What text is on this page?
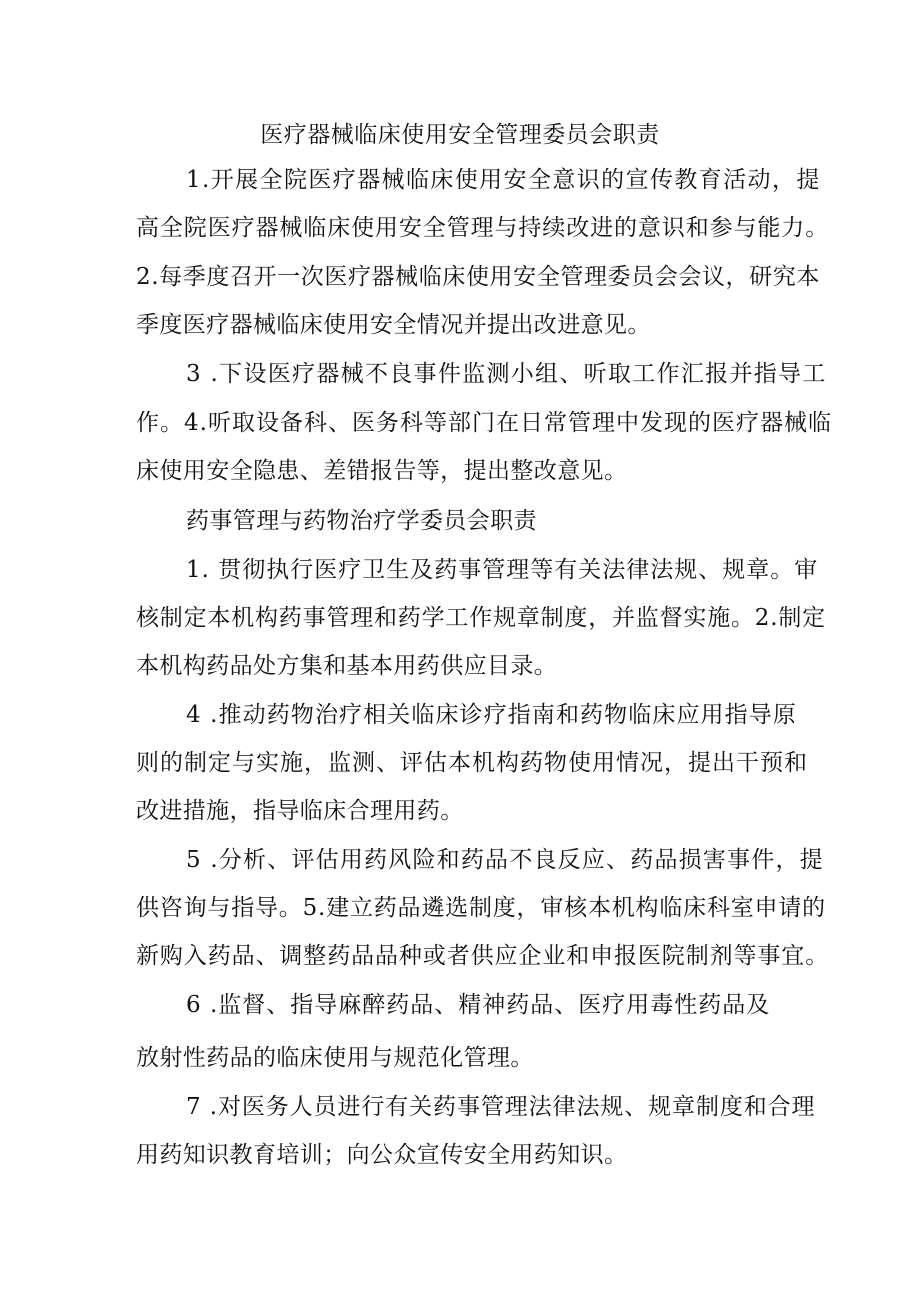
医疗器械临床使用安全管理委员会职责
1.开展全院医疗器械临床使用安全意识的宣传教育活动，提
高全院医疗器械临床使用安全管理与持续改进的意识和参与能力。
2.每季度召开一次医疗器械临床使用安全管理委员会会议，研究本
季度医疗器械临床使用安全情况并提出改进意见。
3 .下设医疗器械不良事件监测小组、听取工作汇报并指导工
作。4.听取设备科、医务科等部门在日常管理中发现的医疗器械临
床使用安全隐患、差错报告等，提出整改意见。
药事管理与药物治疗学委员会职责
1. 贯彻执行医疗卫生及药事管理等有关法律法规、规章。审
核制定本机构药事管理和药学工作规章制度，并监督实施。2.制定
本机构药品处方集和基本用药供应目录。
4 .推动药物治疗相关临床诊疗指南和药物临床应用指导原
则的制定与实施，监测、评估本机构药物使用情况，提出干预和
改进措施，指导临床合理用药。
5 .分析、评估用药风险和药品不良反应、药品损害事件，提
供咨询与指导。5.建立药品遴选制度，审核本机构临床科室申请的
新购入药品、调整药品品种或者供应企业和申报医院制剂等事宜。
6 .监督、指导麻醉药品、精神药品、医疗用毒性药品及
放射性药品的临床使用与规范化管理。
7 .对医务人员进行有关药事管理法律法规、规章制度和合理
用药知识教育培训；向公众宣传安全用药知识。
